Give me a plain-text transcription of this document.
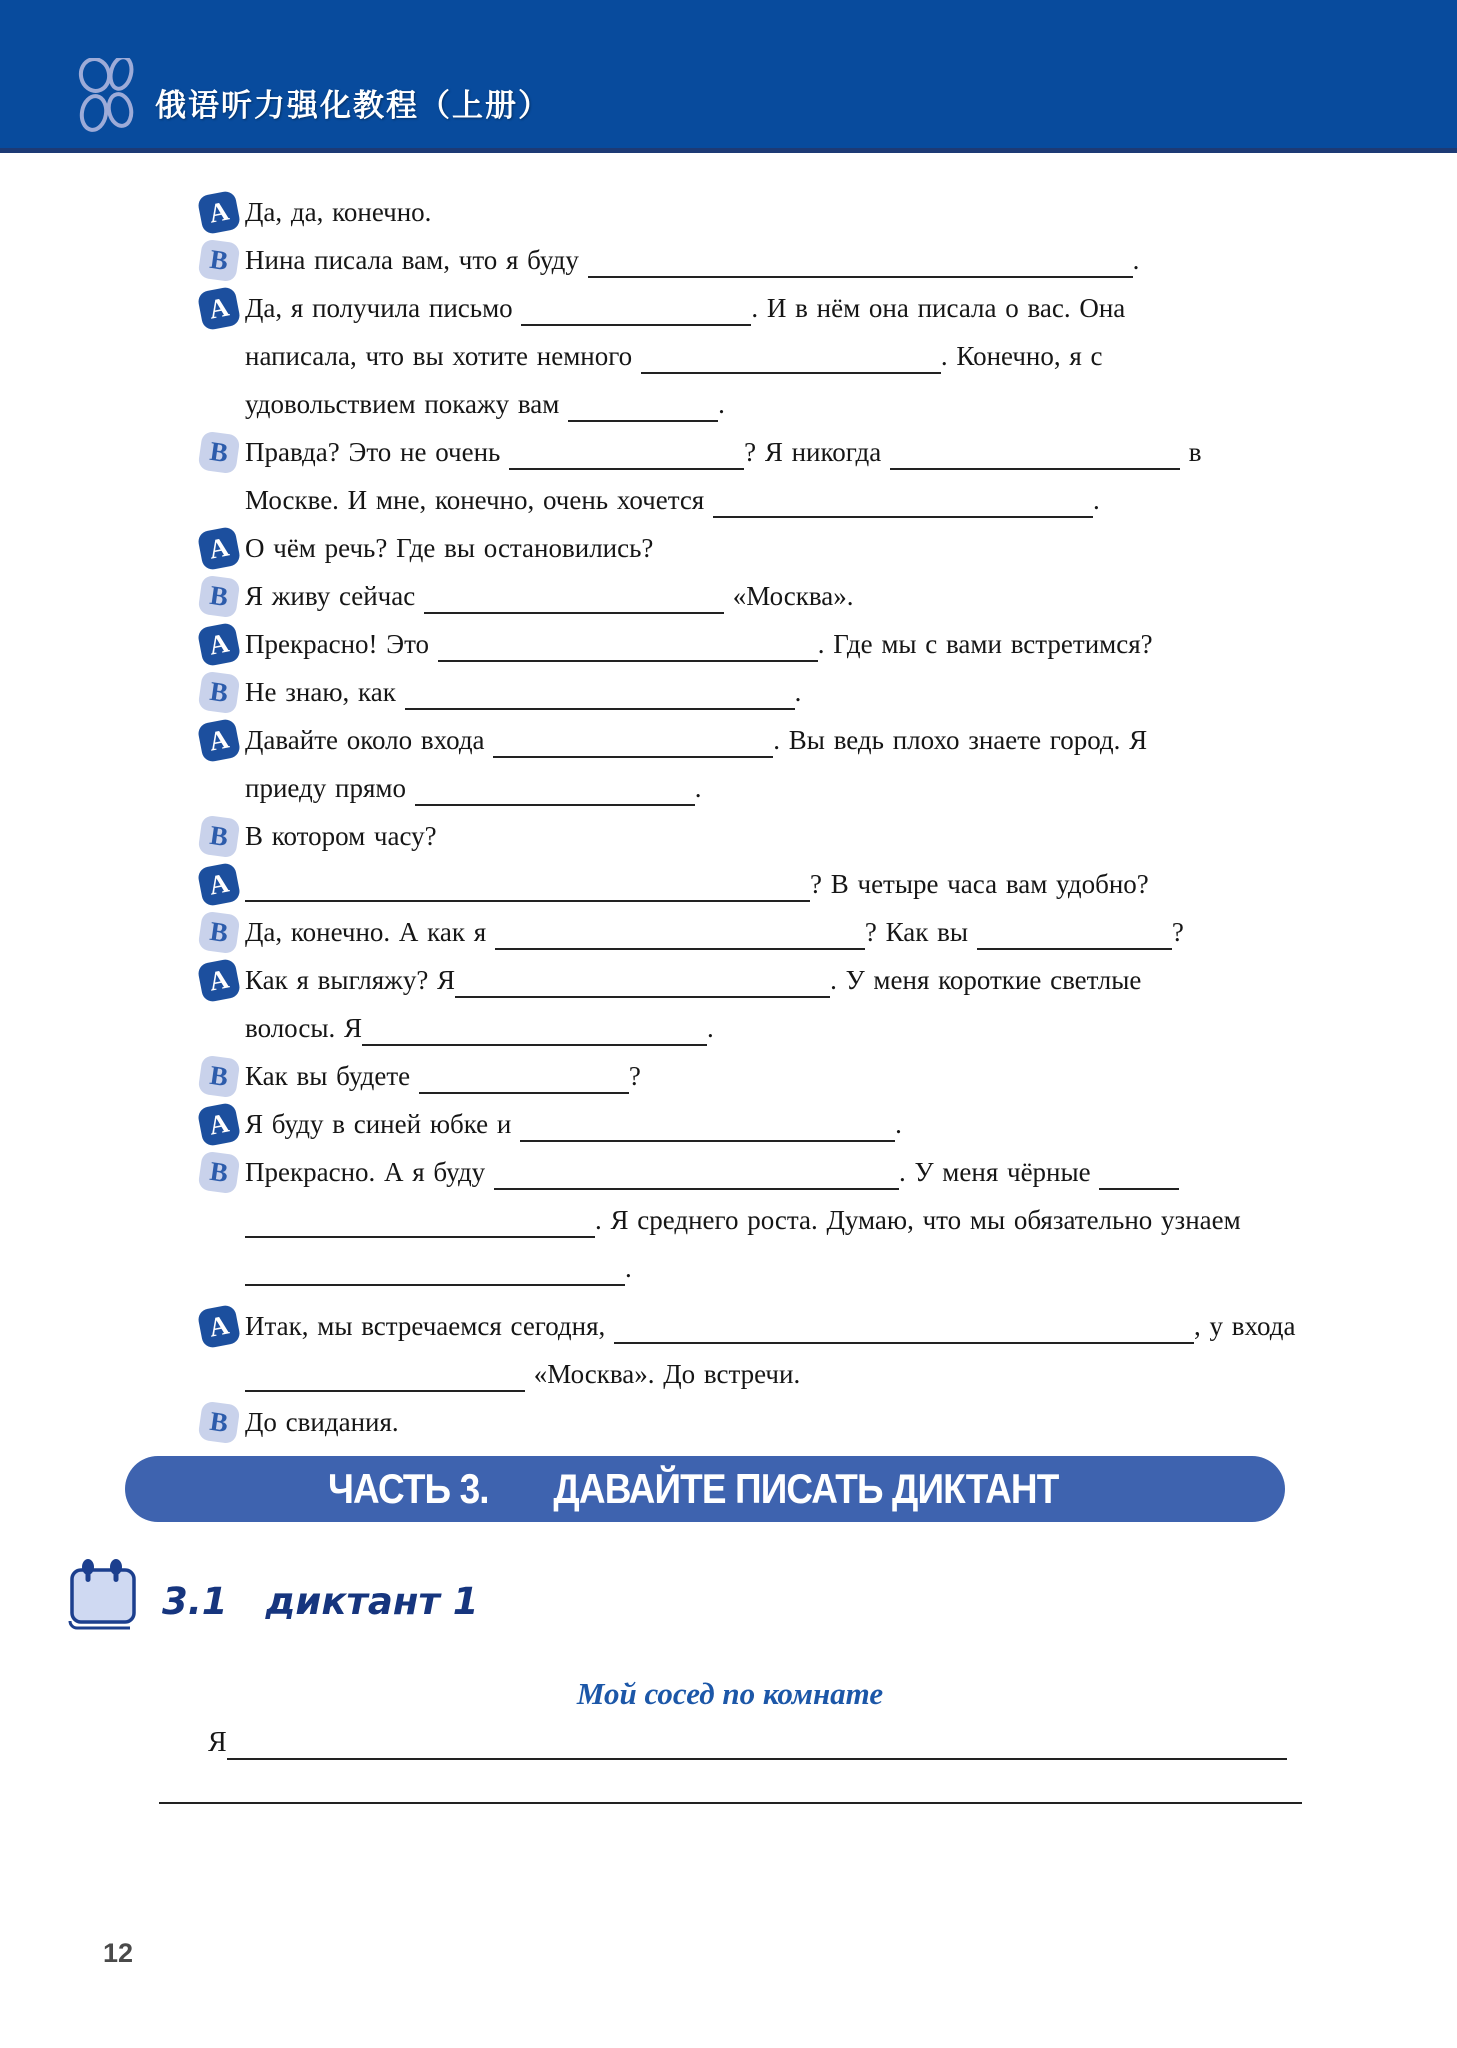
俄语听力强化教程（上册）
A Да, да, конечно.
B Нина писала вам, что я буду	.
A Да, я получила письмо	. И в нём она писала о вас. Она
написала, что вы хотите немного	. Конечно, я с
удовольствием покажу вам	.
B Правда? Это не очень	? Я никогда	в
Москве. И мне, конечно, очень хочется	.
A О чём речь? Где вы остановились?
B Я живу сейчас	«Москва».
A Прекрасно! Это	. Где мы с вами встретимся?
B Не знаю, как	.
A Давайте около входа	. Вы ведь плохо знаете город. Я
приеду прямо	.
B В котором часу?
A	? В четыре часа вам удобно?
B Да, конечно. А как я	? Как вы	?
A Как я выгляжу? Я	. У меня короткие светлые
волосы. Я	.
B Как вы будете	?
A Я буду в синей юбке и	.
B Прекрасно. А я буду	. У меня чёрные
. Я среднего роста. Думаю, что мы обязательно узнаем
.
A Итак, мы встречаемся сегодня,	, у входа
«Москва». До встречи.
B До свидания.
ЧАСТЬ 3. ДАВАЙТЕ ПИСАТЬ ДИКТАНТ
3.1 диктант 1
Мой сосед по комнате
Я
12
